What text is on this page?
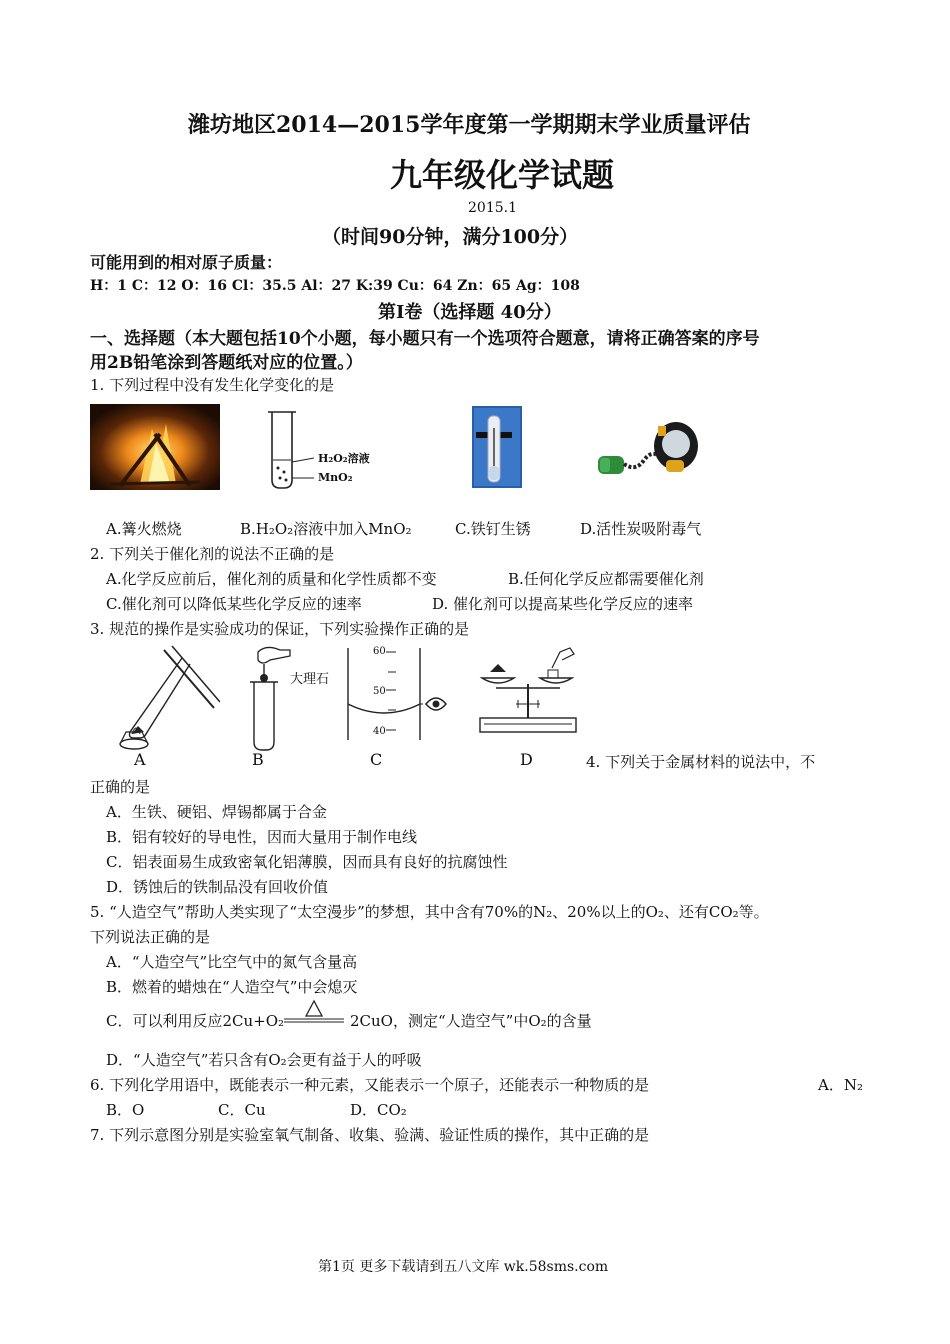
潍坊地区2014—2015学年度第一学期期末学业质量评估
九年级化学试题
2015.1
（时间90分钟，满分100分）
可能用到的相对原子质量：
H：1 C：12 O：16 Cl：35.5 Al：27 K:39 Cu：64 Zn：65 Ag：108
第Ⅰ卷（选择题 40分）
一、选择题（本大题包括10个小题，每小题只有一个选项符合题意，请将正确答案的序号
用2B铅笔涂到答题纸对应的位置。）
1. 下列过程中没有发生化学变化的是
H₂O₂溶液
MnO₂
A.篝火燃烧	B.H₂O₂溶液中加入MnO₂	C.铁钉生锈	D.活性炭吸附毒气
2. 下列关于催化剂的说法不正确的是
A.化学反应前后，催化剂的质量和化学性质都不变	B.任何化学反应都需要催化剂
C.催化剂可以降低某些化学反应的速率	D. 催化剂可以提高某些化学反应的速率
3. 规范的操作是实验成功的保证，下列实验操作正确的是
大理石
60
50
40
A	B	C	D	4. 下列关于金属材料的说法中，不
正确的是
A．生铁、硬铝、焊锡都属于合金
B．铝有较好的导电性，因而大量用于制作电线
C．铝表面易生成致密氧化铝薄膜，因而具有良好的抗腐蚀性
D．锈蚀后的铁制品没有回收价值
5. “人造空气”帮助人类实现了“太空漫步”的梦想，其中含有70%的N₂、20%以上的O₂、还有CO₂等。
下列说法正确的是
A．“人造空气”比空气中的氮气含量高
B．燃着的蜡烛在“人造空气”中会熄灭
C．可以利用反应2Cu+O₂	2CuO，测定“人造空气”中O₂的含量
D．“人造空气”若只含有O₂会更有益于人的呼吸
6. 下列化学用语中，既能表示一种元素，又能表示一个原子，还能表示一种物质的是	A．N₂
B．O	C．Cu	D．CO₂
7. 下列示意图分别是实验室氧气制备、收集、验满、验证性质的操作，其中正确的是
第1页 更多下载请到五八文库 wk.58sms.com
